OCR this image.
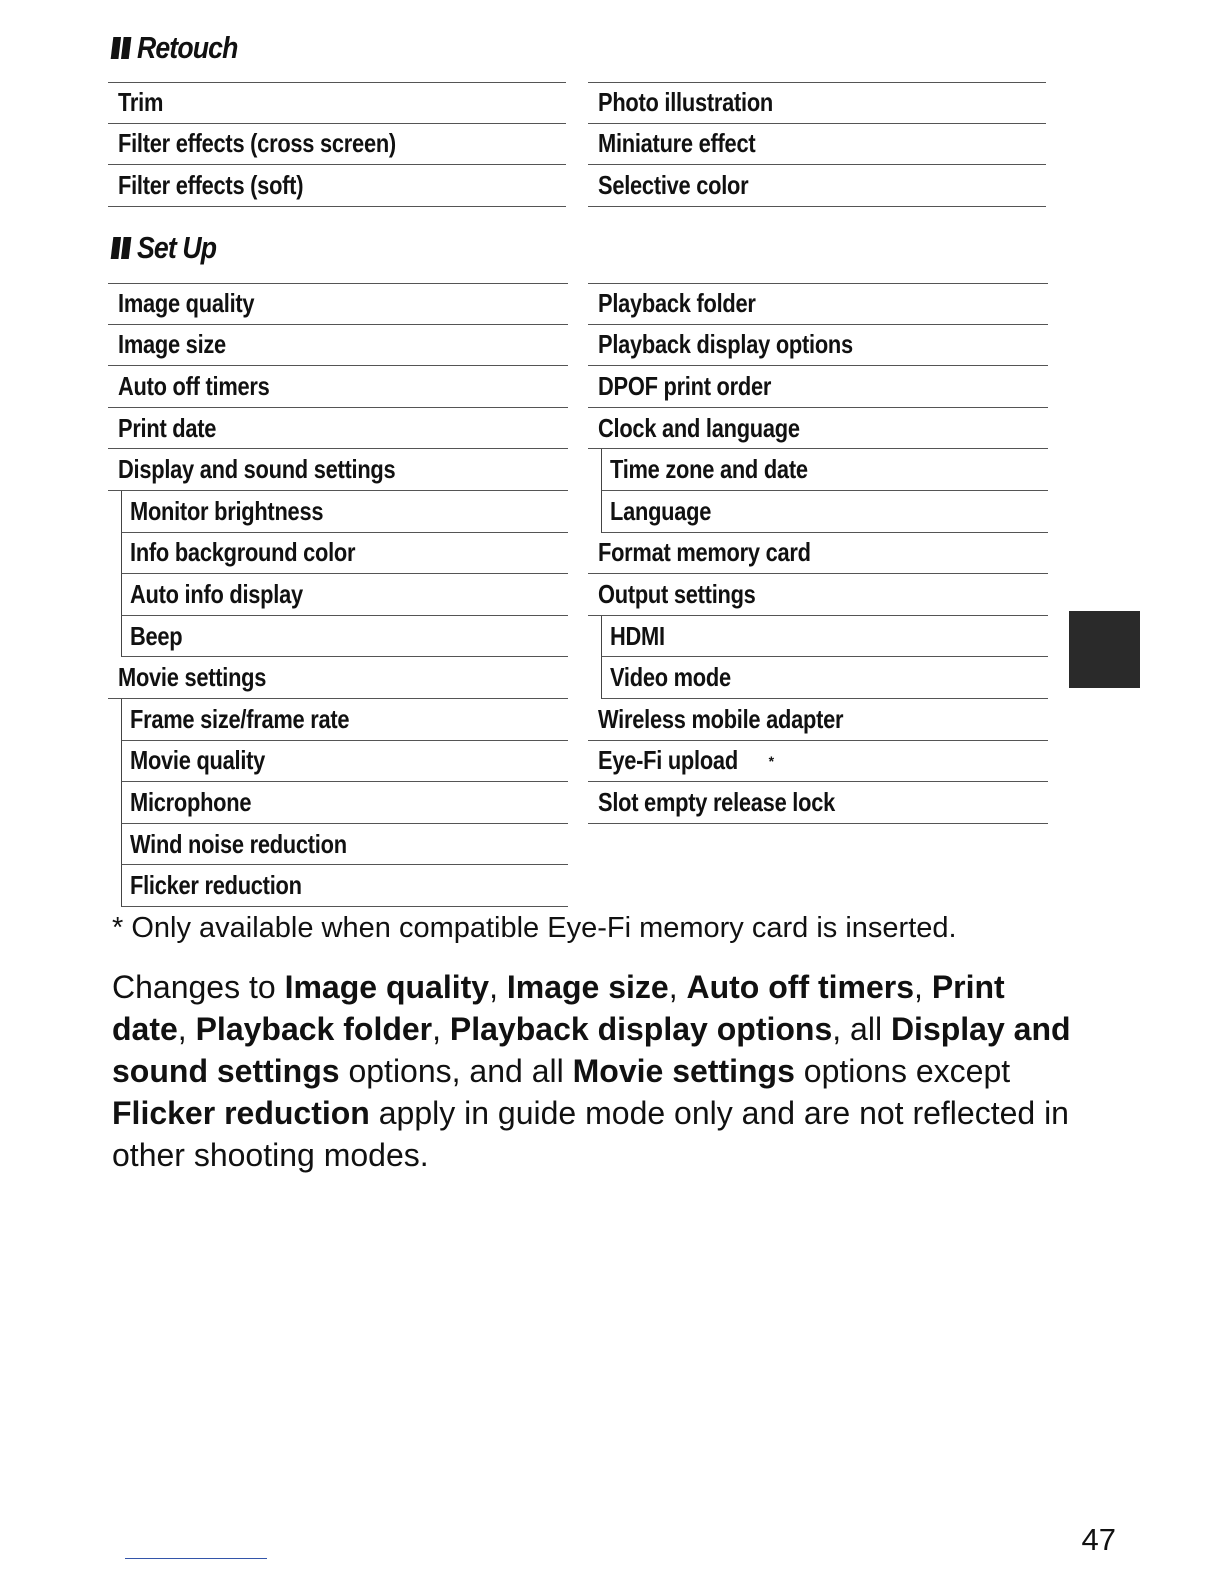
Retouch
Trim
Filter effects (cross screen)
Filter effects (soft)
Photo illustration
Miniature effect
Selective color
Set Up
Image quality
Image size
Auto off timers
Print date
Display and sound settings
Monitor brightness
Info background color
Auto info display
Beep
Movie settings
Frame size/frame rate
Movie quality
Microphone
Wind noise reduction
Flicker reduction
Playback folder
Playback display options
DPOF print order
Clock and language
Time zone and date
Language
Format memory card
Output settings
HDMI
Video mode
Wireless mobile adapter
Eye-Fi upload *
Slot empty release lock

* Only available when compatible Eye-Fi memory card is inserted.

Changes to Image quality, Image size, Auto off timers, Print date, Playback folder, Playback display options, all Display and sound settings options, and all Movie settings options except Flicker reduction apply in guide mode only and are not reflected in other shooting modes.

47
